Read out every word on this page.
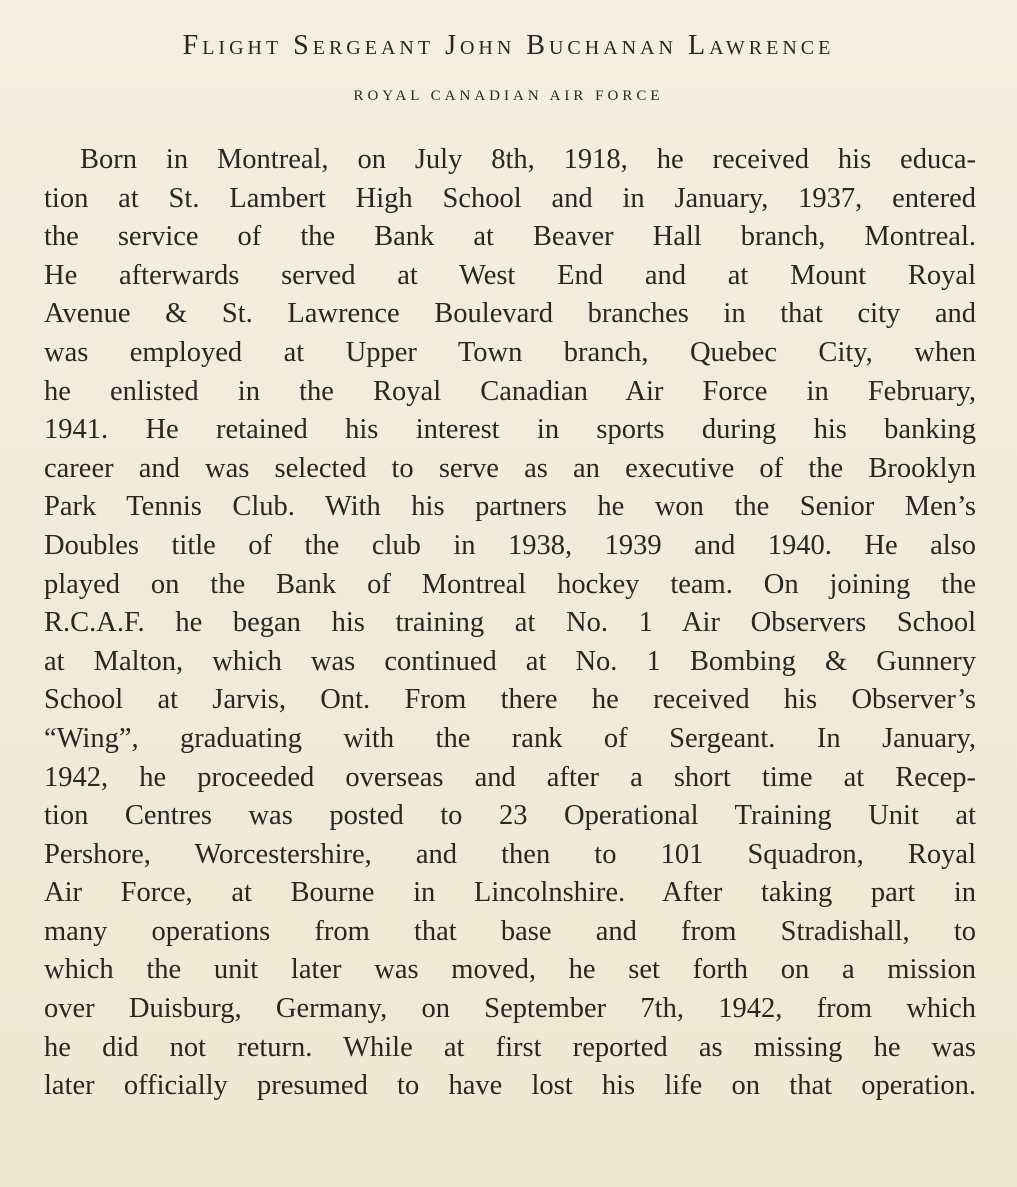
Flight Sergeant John Buchanan Lawrence
ROYAL CANADIAN AIR FORCE

Born in Montreal, on July 8th, 1918, he received his educa-
tion at St. Lambert High School and in January, 1937, entered
the service of the Bank at Beaver Hall branch, Montreal.
He afterwards served at West End and at Mount Royal
Avenue & St. Lawrence Boulevard branches in that city and
was employed at Upper Town branch, Quebec City, when
he enlisted in the Royal Canadian Air Force in February,
1941. He retained his interest in sports during his banking
career and was selected to serve as an executive of the Brooklyn
Park Tennis Club. With his partners he won the Senior Men’s
Doubles title of the club in 1938, 1939 and 1940. He also
played on the Bank of Montreal hockey team. On joining the
R.C.A.F. he began his training at No. 1 Air Observers School
at Malton, which was continued at No. 1 Bombing & Gunnery
School at Jarvis, Ont. From there he received his Observer’s
“Wing”, graduating with the rank of Sergeant. In January,
1942, he proceeded overseas and after a short time at Recep-
tion Centres was posted to 23 Operational Training Unit at
Pershore, Worcestershire, and then to 101 Squadron, Royal
Air Force, at Bourne in Lincolnshire. After taking part in
many operations from that base and from Stradishall, to
which the unit later was moved, he set forth on a mission
over Duisburg, Germany, on September 7th, 1942, from which
he did not return. While at first reported as missing he was
later officially presumed to have lost his life on that operation.
